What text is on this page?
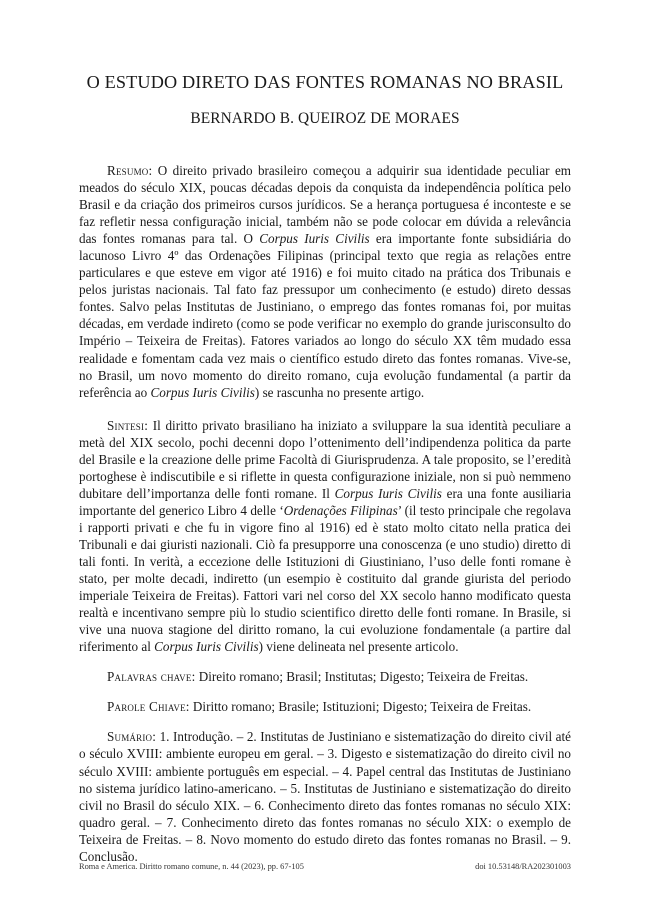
O ESTUDO DIRETO DAS FONTES ROMANAS NO BRASIL
BERNARDO B. QUEIROZ DE MORAES

Resumo: O direito privado brasileiro começou a adquirir sua identidade peculiar em meados do século XIX, poucas décadas depois da conquista da independência política pelo Brasil e da criação dos primeiros cursos jurídicos. Se a herança portuguesa é inconteste e se faz refletir nessa configuração inicial, também não se pode colocar em dúvida a relevância das fontes romanas para tal. O Corpus Iuris Civilis era importante fonte subsidiária do lacunoso Livro 4º das Ordenações Filipinas (principal texto que regia as relações entre particulares e que esteve em vigor até 1916) e foi muito citado na prática dos Tribunais e pelos juristas nacionais. Tal fato faz pressupor um conhecimento (e estudo) direto dessas fontes. Salvo pelas Institutas de Justiniano, o emprego das fontes romanas foi, por muitas décadas, em verdade indireto (como se pode verificar no exemplo do grande jurisconsulto do Império – Teixeira de Freitas). Fatores variados ao longo do século XX têm mudado essa realidade e fomentam cada vez mais o científico estudo direto das fontes romanas. Vive-se, no Brasil, um novo momento do direito romano, cuja evolução fundamental (a partir da referência ao Corpus Iuris Civilis) se rascunha no presente artigo.

Sintesi: Il diritto privato brasiliano ha iniziato a sviluppare la sua identità peculiare a metà del XIX secolo, pochi decenni dopo l’ottenimento dell’indipendenza politica da parte del Brasile e la creazione delle prime Facoltà di Giurisprudenza. A tale proposito, se l’eredità portoghese è indiscutibile e si riflette in questa configurazione iniziale, non si può nemmeno dubitare dell’importanza delle fonti romane. Il Corpus Iuris Civilis era una fonte ausiliaria importante del generico Libro 4 delle ‘Ordenações Filipinas’ (il testo principale che regolava i rapporti privati e che fu in vigore fino al 1916) ed è stato molto citato nella pratica dei Tribunali e dai giuristi nazionali. Ciò fa presupporre una conoscenza (e uno studio) diretto di tali fonti. In verità, a eccezione delle Istituzioni di Giustiniano, l’uso delle fonti romane è stato, per molte decadi, indiretto (un esempio è costituito dal grande giurista del periodo imperiale Teixeira de Freitas). Fattori vari nel corso del XX secolo hanno modificato questa realtà e incentivano sempre più lo studio scientifico diretto delle fonti romane. In Brasile, si vive una nuova stagione del diritto romano, la cui evoluzione fondamentale (a partire dal riferimento al Corpus Iuris Civilis) viene delineata nel presente articolo.

Palavras chave: Direito romano; Brasil; Institutas; Digesto; Teixeira de Freitas.

Parole Chiave: Diritto romano; Brasile; Istituzioni; Digesto; Teixeira de Freitas.

Sumário: 1. Introdução. – 2. Institutas de Justiniano e sistematização do direito civil até o século XVIII: ambiente europeu em geral. – 3. Digesto e sistematização do direito civil no século XVIII: ambiente português em especial. – 4. Papel central das Institutas de Justiniano no sistema jurídico latino-americano. – 5. Institutas de Justiniano e sistematização do direito civil no Brasil do século XIX. – 6. Conhecimento direto das fontes romanas no século XIX: quadro geral. – 7. Conhecimento direto das fontes romanas no século XIX: o exemplo de Teixeira de Freitas. – 8. Novo momento do estudo direto das fontes romanas no Brasil. – 9. Conclusão.

Roma e America. Diritto romano comune, n. 44 (2023), pp. 67-105	doi 10.53148/RA202301003
